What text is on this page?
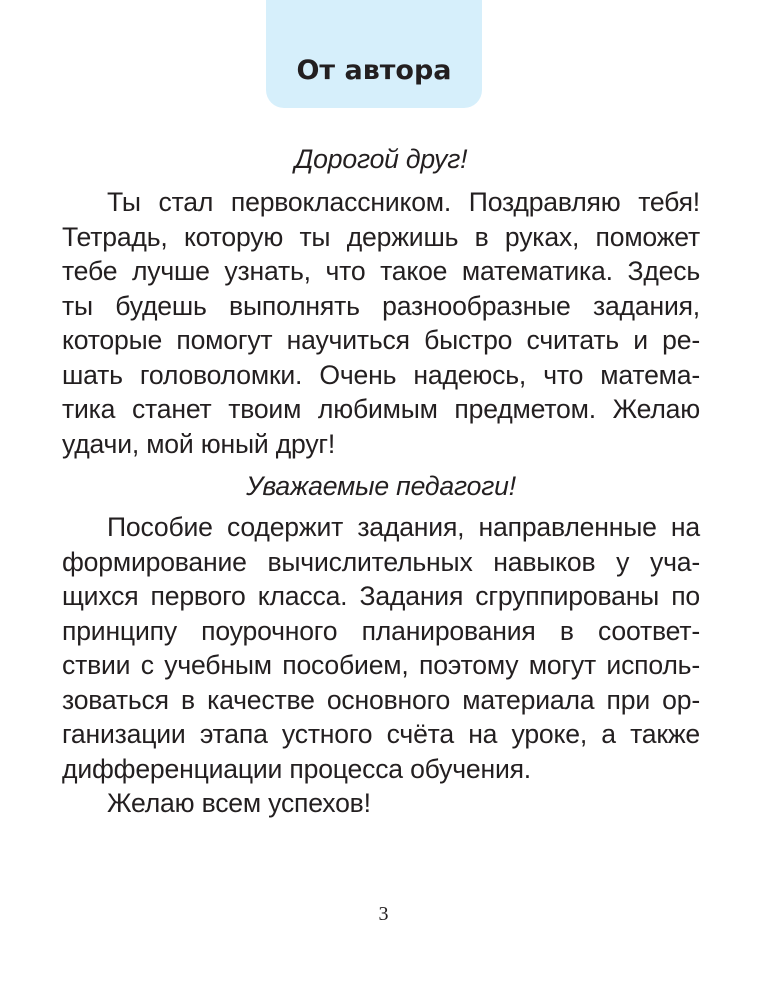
От автора

Дорогой друг!

Ты стал первоклассником. Поздравляю тебя!
Тетрадь, которую ты держишь в руках, поможет
тебе лучше узнать, что такое математика. Здесь
ты будешь выполнять разнообразные задания,
которые помогут научиться быстро считать и ре-
шать головоломки. Очень надеюсь, что матема-
тика станет твоим любимым предметом. Желаю
удачи, мой юный друг!

Уважаемые педагоги!

Пособие содержит задания, направленные на
формирование вычислительных навыков у уча-
щихся первого класса. Задания сгруппированы по
принципу поурочного планирования в соответ-
ствии с учебным пособием, поэтому могут исполь-
зоваться в качестве основного материала при ор-
ганизации этапа устного счёта на уроке, а также
дифференциации процесса обучения.

Желаю всем успехов!

3
